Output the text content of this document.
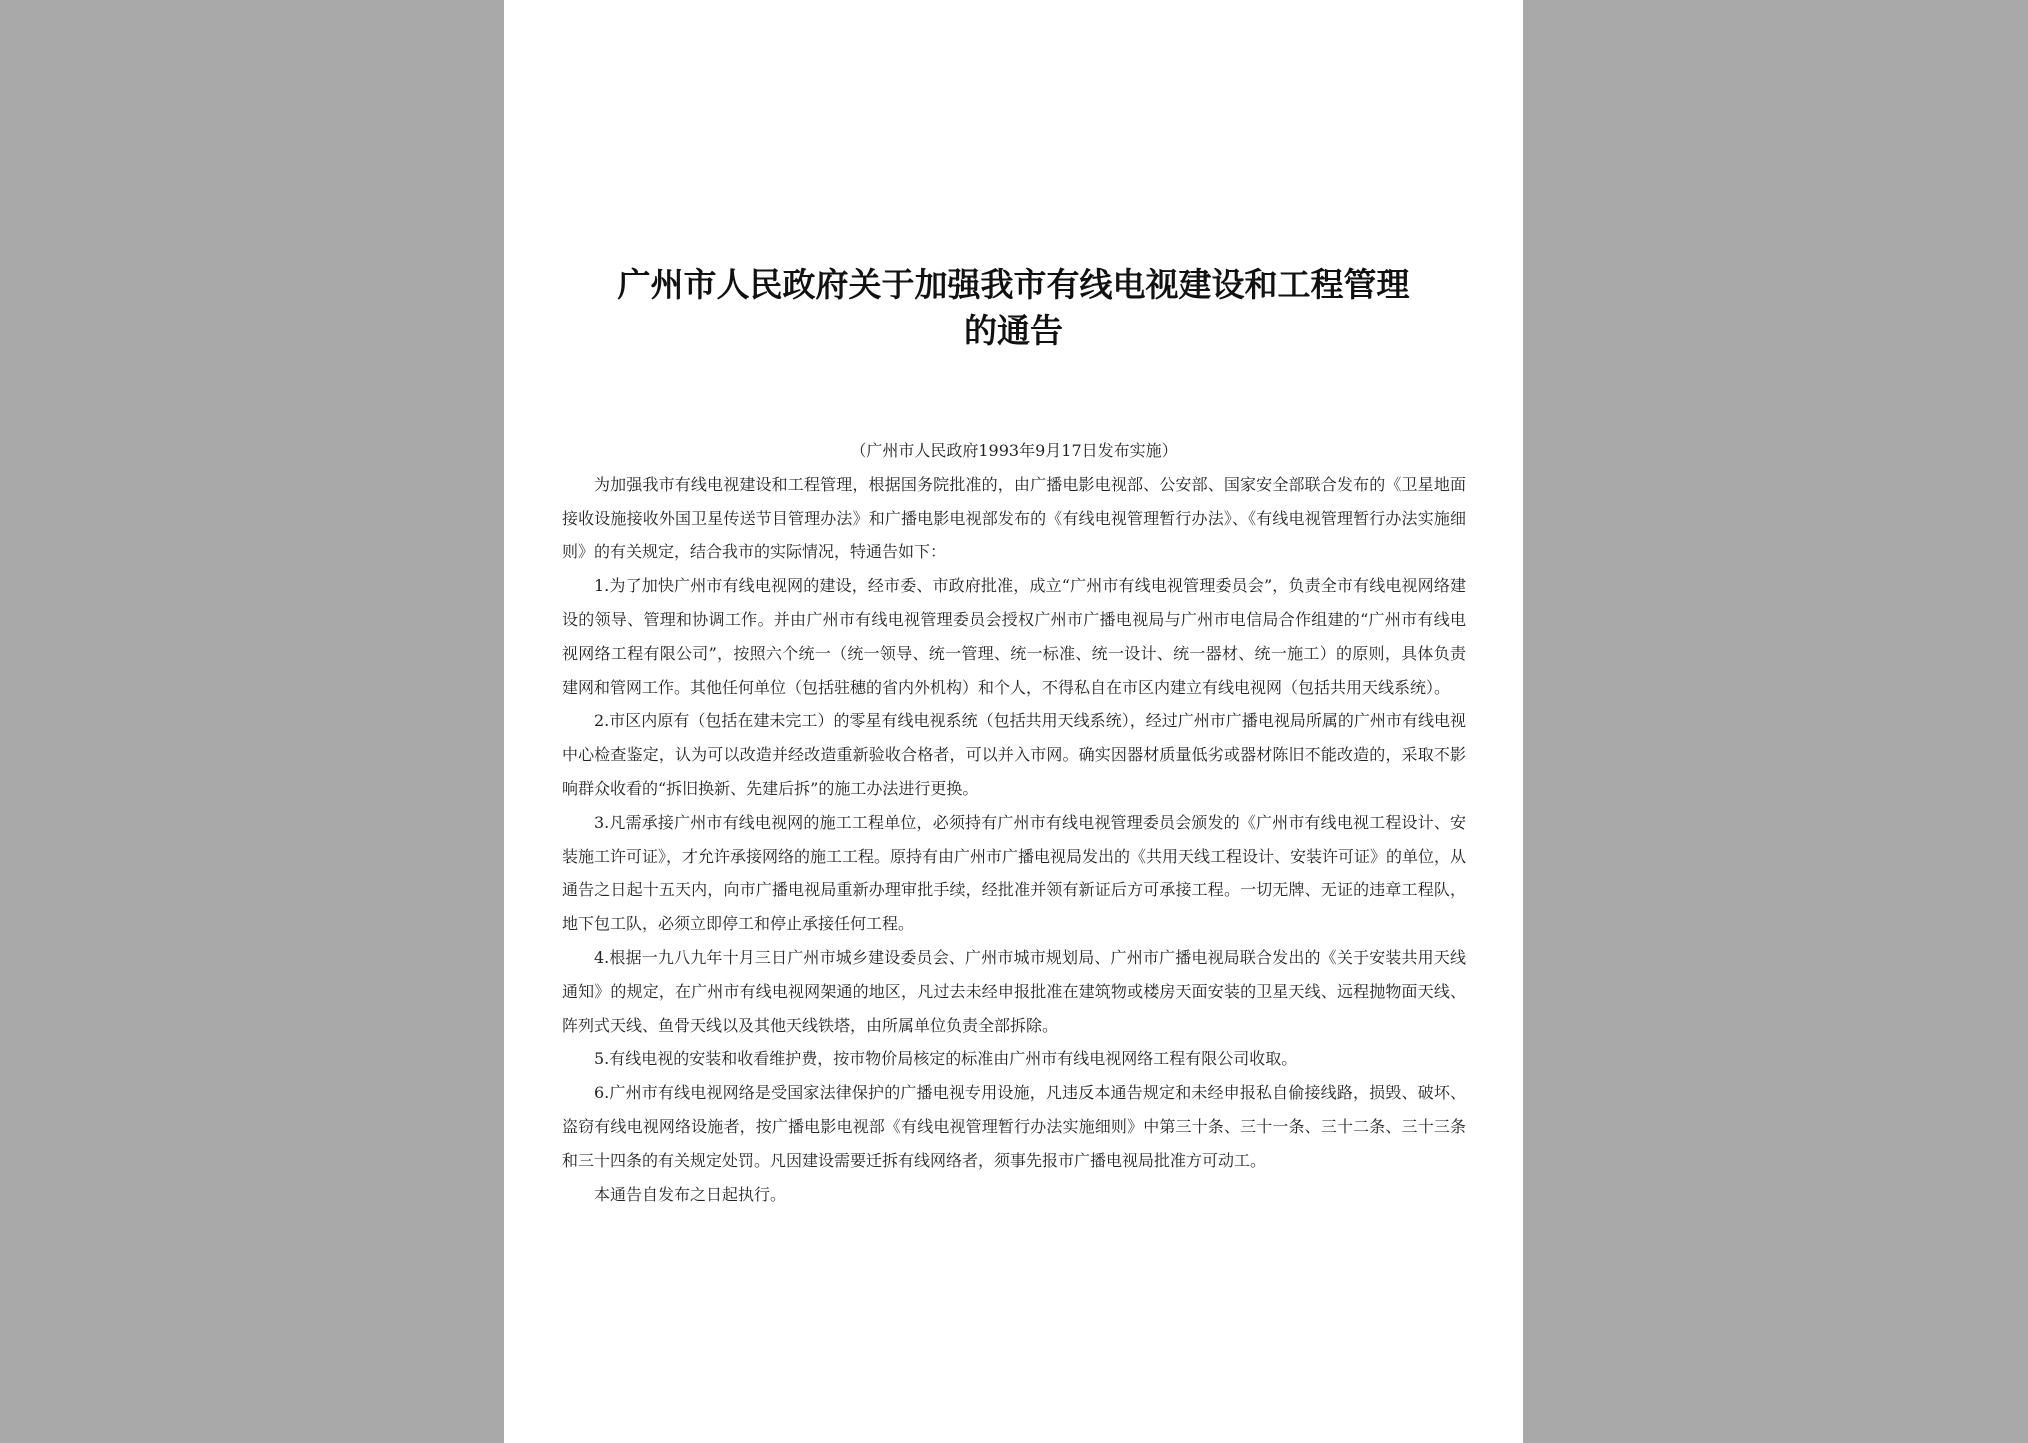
广州市人民政府关于加强我市有线电视建设和工程管理
的通告

（广州市人民政府1993年9月17日发布实施）

为加强我市有线电视建设和工程管理，根据国务院批准的，由广播电影电视部、公安部、国家安全部联合发布的《卫星地面接收设施接收外国卫星传送节目管理办法》和广播电影电视部发布的《有线电视管理暂行办法》、《有线电视管理暂行办法实施细则》的有关规定，结合我市的实际情况，特通告如下：

1.为了加快广州市有线电视网的建设，经市委、市政府批准，成立“广州市有线电视管理委员会”，负责全市有线电视网络建设的领导、管理和协调工作。并由广州市有线电视管理委员会授权广州市广播电视局与广州市电信局合作组建的“广州市有线电视网络工程有限公司”，按照六个统一（统一领导、统一管理、统一标准、统一设计、统一器材、统一施工）的原则，具体负责建网和管网工作。其他任何单位（包括驻穗的省内外机构）和个人，不得私自在市区内建立有线电视网（包括共用天线系统）。

2.市区内原有（包括在建未完工）的零星有线电视系统（包括共用天线系统），经过广州市广播电视局所属的广州市有线电视中心检查鉴定，认为可以改造并经改造重新验收合格者，可以并入市网。确实因器材质量低劣或器材陈旧不能改造的，采取不影响群众收看的“拆旧换新、先建后拆”的施工办法进行更换。

3.凡需承接广州市有线电视网的施工工程单位，必须持有广州市有线电视管理委员会颁发的《广州市有线电视工程设计、安装施工许可证》，才允许承接网络的施工工程。原持有由广州市广播电视局发出的《共用天线工程设计、安装许可证》的单位，从通告之日起十五天内，向市广播电视局重新办理审批手续，经批准并领有新证后方可承接工程。一切无牌、无证的违章工程队，地下包工队，必须立即停工和停止承接任何工程。

4.根据一九八九年十月三日广州市城乡建设委员会、广州市城市规划局、广州市广播电视局联合发出的《关于安装共用天线通知》的规定，在广州市有线电视网架通的地区，凡过去未经申报批准在建筑物或楼房天面安装的卫星天线、远程抛物面天线、阵列式天线、鱼骨天线以及其他天线铁塔，由所属单位负责全部拆除。

5.有线电视的安装和收看维护费，按市物价局核定的标准由广州市有线电视网络工程有限公司收取。

6.广州市有线电视网络是受国家法律保护的广播电视专用设施，凡违反本通告规定和未经申报私自偷接线路，损毁、破坏、盗窃有线电视网络设施者，按广播电影电视部《有线电视管理暂行办法实施细则》中第三十条、三十一条、三十二条、三十三条和三十四条的有关规定处罚。凡因建设需要迁拆有线网络者，须事先报市广播电视局批准方可动工。

本通告自发布之日起执行。
